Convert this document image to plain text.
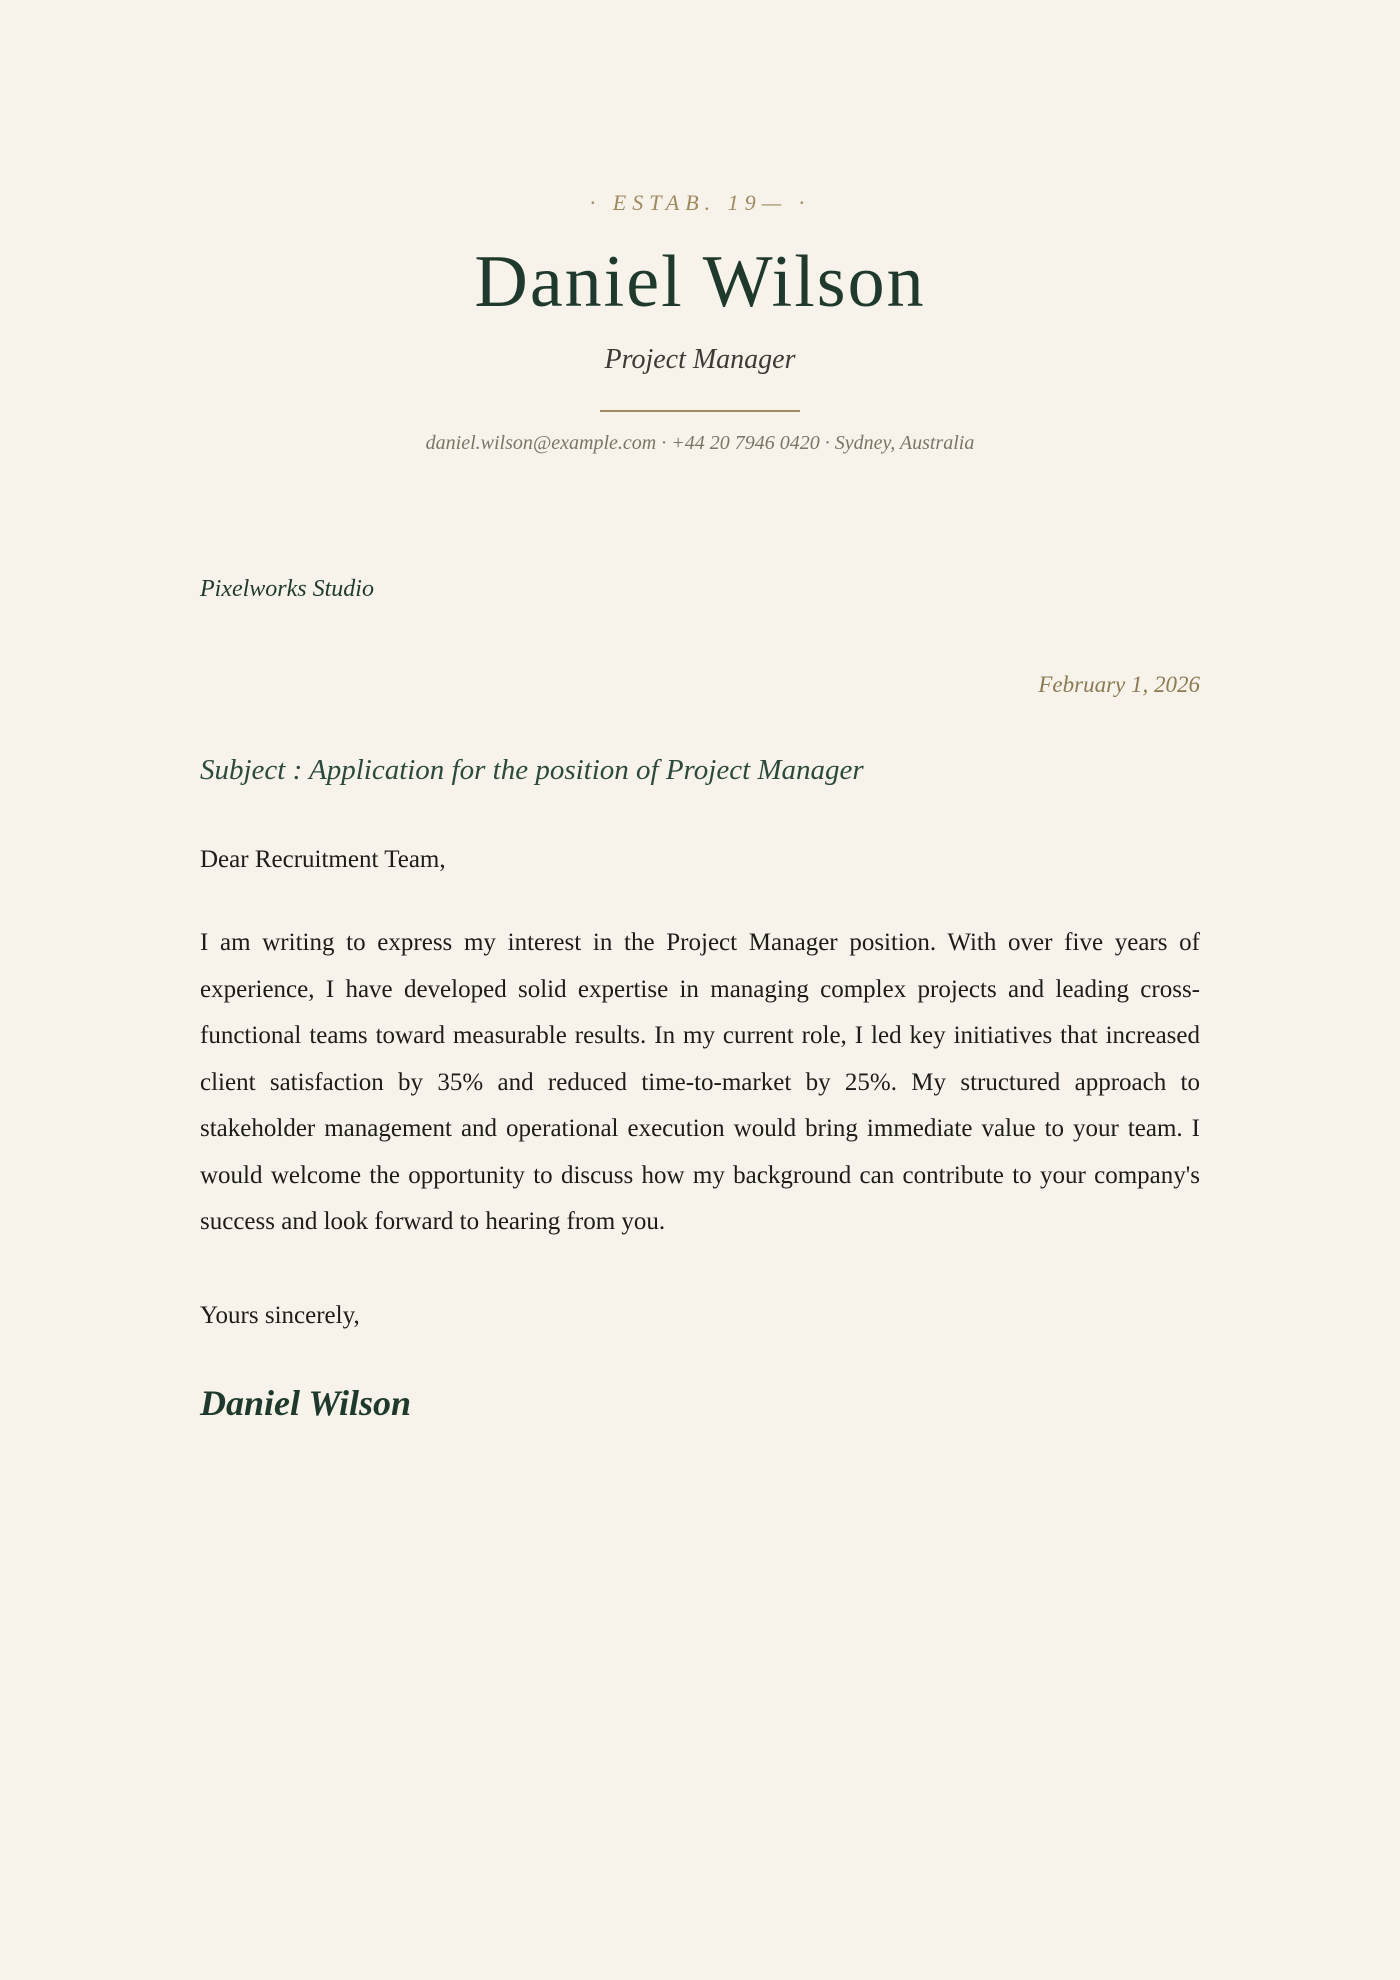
· ESTAB. 19— ·
Daniel Wilson
Project Manager
daniel.wilson@example.com · +44 20 7946 0420 · Sydney, Australia
Pixelworks Studio
February 1, 2026
Subject : Application for the position of Project Manager
Dear Recruitment Team,
I am writing to express my interest in the Project Manager position. With over five years of experience, I have developed solid expertise in managing complex projects and leading cross-functional teams toward measurable results. In my current role, I led key initiatives that increased client satisfaction by 35% and reduced time-to-market by 25%. My structured approach to stakeholder management and operational execution would bring immediate value to your team. I would welcome the opportunity to discuss how my background can contribute to your company's success and look forward to hearing from you.
Yours sincerely,
Daniel Wilson
